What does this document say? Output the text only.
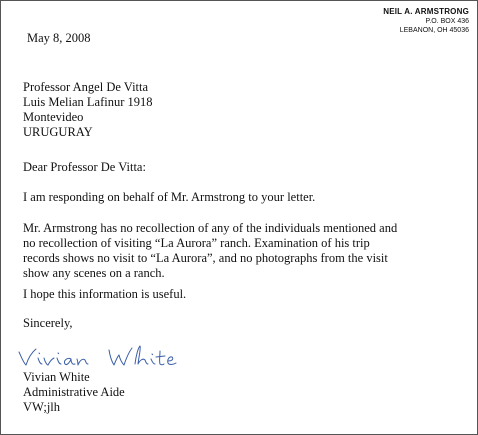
NEIL A. ARMSTRONG
P.O. BOX 436
LEBANON, OH 45036
May 8, 2008
Professor Angel De Vitta
Luis Melian Lafinur 1918
Montevideo
URUGURAY
Dear Professor De Vitta:
I am responding on behalf of Mr. Armstrong to your letter.
Mr. Armstrong has no recollection of any of the individuals mentioned and
no recollection of visiting “La Aurora” ranch. Examination of his trip
records shows no visit to “La Aurora”, and no photographs from the visit
show any scenes on a ranch.
I hope this information is useful.
Sincerely,
Vivian White
Administrative Aide
VW;jlh
